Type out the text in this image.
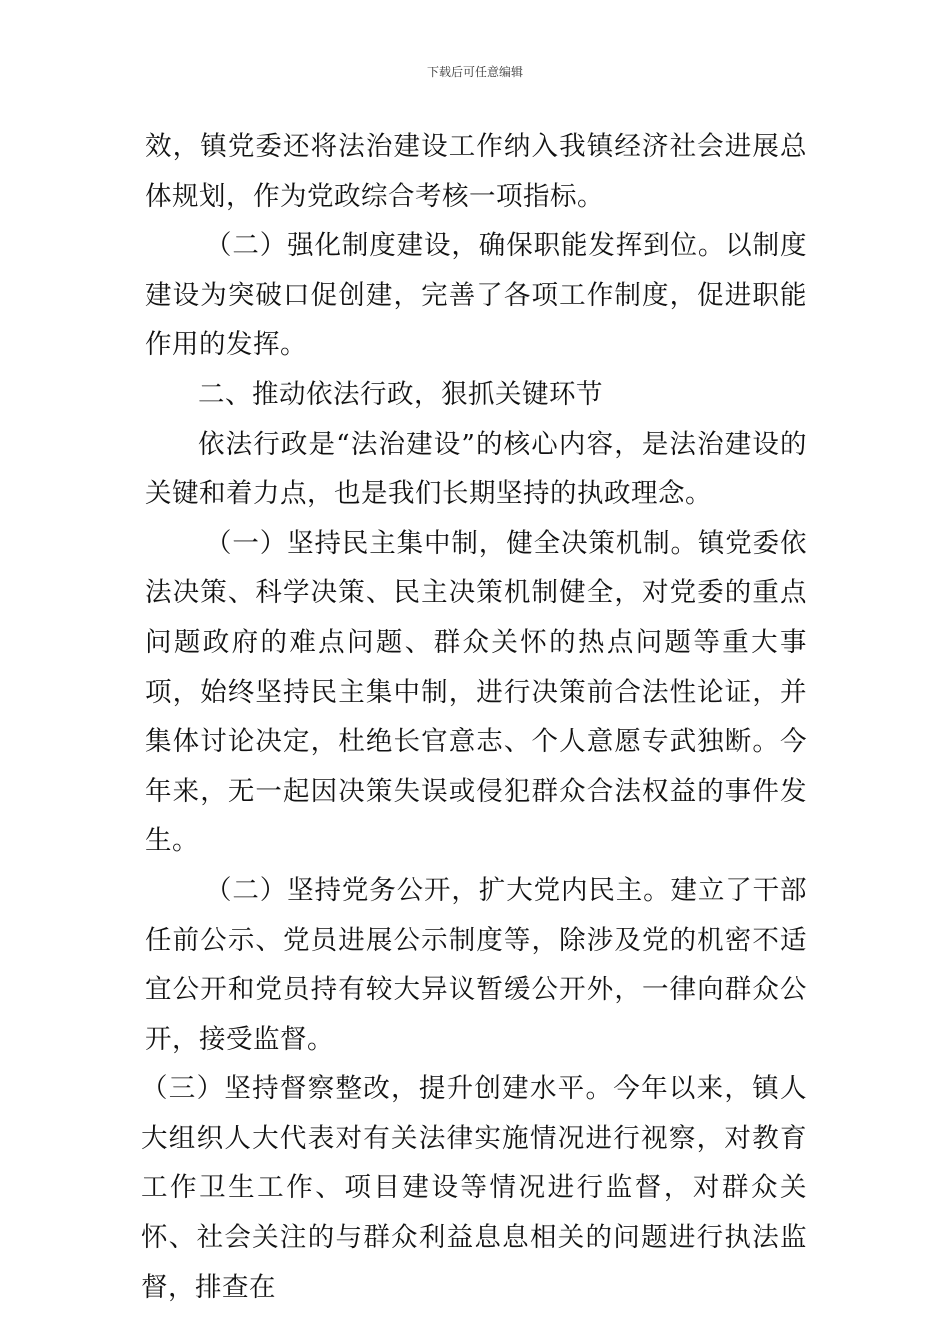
下载后可任意编辑

效，镇党委还将法治建设工作纳入我镇经济社会进展总体规划，作为党政综合考核一项指标。

（二）强化制度建设，确保职能发挥到位。以制度建设为突破口促创建，完善了各项工作制度，促进职能作用的发挥。

二、推动依法行政，狠抓关键环节

依法行政是“法治建设”的核心内容，是法治建设的关键和着力点，也是我们长期坚持的执政理念。

（一）坚持民主集中制，健全决策机制。镇党委依法决策、科学决策、民主决策机制健全，对党委的重点问题政府的难点问题、群众关怀的热点问题等重大事项，始终坚持民主集中制，进行决策前合法性论证，并集体讨论决定，杜绝长官意志、个人意愿专武独断。今年来，无一起因决策失误或侵犯群众合法权益的事件发生。

（二）坚持党务公开，扩大党内民主。建立了干部任前公示、党员进展公示制度等，除涉及党的机密不适宜公开和党员持有较大异议暂缓公开外，一律向群众公开，接受监督。

（三）坚持督察整改，提升创建水平。今年以来，镇人大组织人大代表对有关法律实施情况进行视察，对教育工作卫生工作、项目建设等情况进行监督，对群众关怀、社会关注的与群众利益息息相关的问题进行执法监督，排查在
